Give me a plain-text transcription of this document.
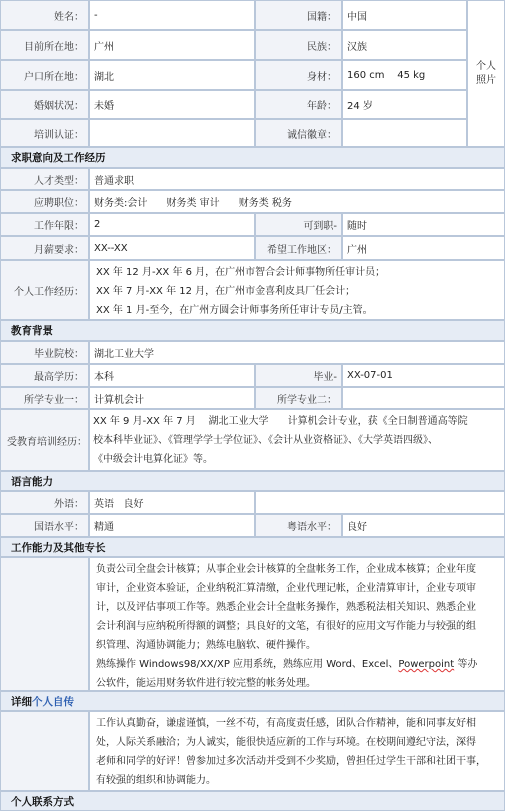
姓名：	-	国籍：	中国
目前所在地：	广州	民族：	汉族
户口所在地：	湖北	身材：	160 cm    45 kg
婚姻状况：	未婚	年龄：	24 岁
培训认证：	诚信徽章：
个人照片
求职意向及工作经历
人才类型：	普通求职
应聘职位：	财务类:会计      财务类 审计      财务类 税务
工作年限：	2	可到职-	随时
月薪要求：	XX--XX	希望工作地区：	广州
个人工作经历：
XX 年 12 月-XX 年 6 月，在广州市智合会计师事物所任审计员；
XX 年 7 月-XX 年 12 月，在广州市金喜利皮具厂任会计；
XX 年 1 月-至今，在广州方圆会计师事务所任审计专员/主管。
教育背景
毕业院校：	湖北工业大学
最高学历：	本科	毕业-	XX-07-01
所学专业一：	计算机会计	所学专业二：
受教育培训经历：
XX 年 9 月-XX 年 7 月    湖北工业大学      计算机会计专业，获《全日制普通高等院
校本科毕业证》、《管理学学士学位证》、《会计从业资格证》、《大学英语四级》、
《中级会计电算化证》等。
语言能力
外语：	英语   良好
国语水平：	精通	粤语水平：	良好
工作能力及其他专长
负责公司全盘会计核算；从事企业会计核算的全盘帐务工作，企业成本核算；企业年度
审计，企业资本验证，企业纳税汇算清缴，企业代理记帐，企业清算审计，企业专项审
计，以及评估事项工作等。熟悉企业会计全盘帐务操作，熟悉税法相关知识、熟悉企业
会计利润与应纳税所得额的调整；具良好的文笔，有很好的应用文写作能力与较强的组
织管理、沟通协调能力；熟练电脑软、硬件操作。
熟练操作 Windows98/XX/XP 应用系统，熟练应用 Word、Excel、Powerpoint 等办
公软件，能运用财务软件进行较完整的帐务处理。
详细 个人自传
工作认真勤奋，谦虚谨慎，一丝不苟，有高度责任感，团队合作精神，能和同事友好相
处，人际关系融洽；为人诚实，能很快适应新的工作与环境。在校期间遵纪守法，深得
老师和同学的好评！曾参加过多次活动并受到不少奖励，曾担任过学生干部和社团干事，
有较强的组织和协调能力。
个人联系方式
